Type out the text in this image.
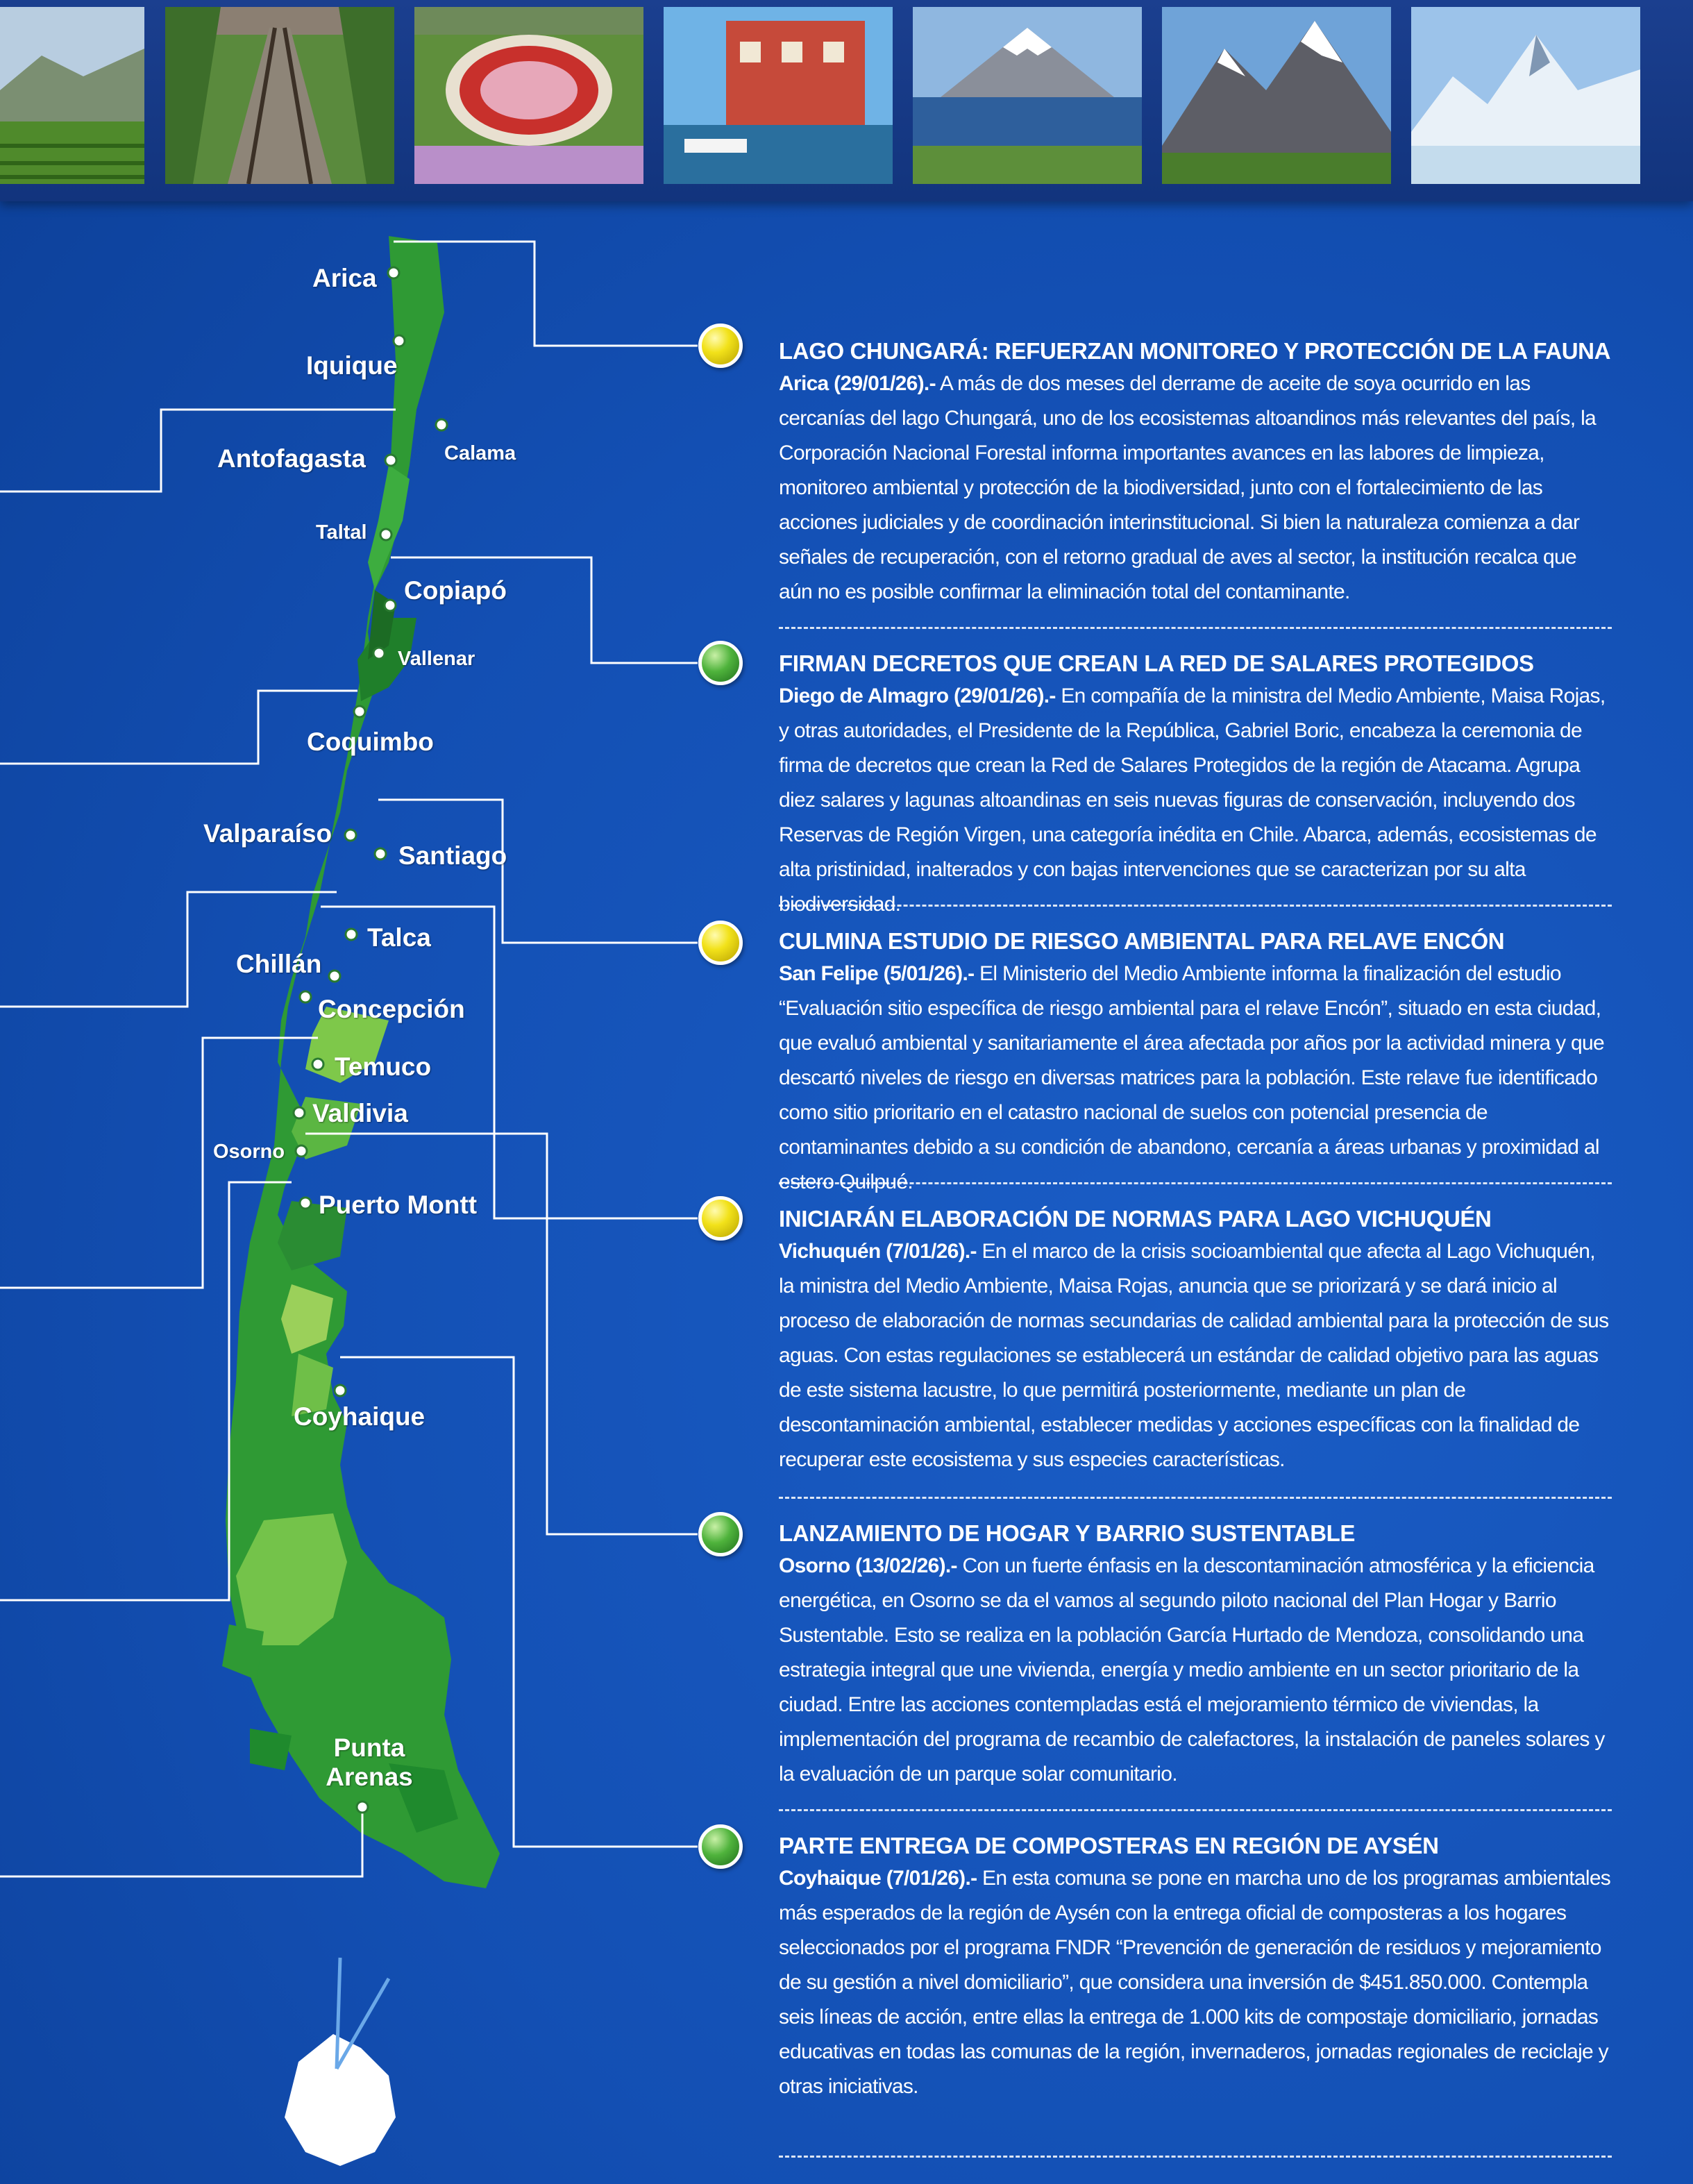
Arica
Iquique
Antofagasta	Calama
Taltal
Copiapó
Vallenar
Coquimbo
Valparaíso
Santiago
Talca
Chillán
Concepción
Temuco
Valdivia
Osorno
Puerto Montt
Coyhaique
Punta Arenas
LAGO CHUNGARÁ: REFUERZAN MONITOREO Y PROTECCIÓN DE LA FAUNA
Arica (29/01/26).- A más de dos meses del derrame de aceite de soya ocurrido en las cercanías del lago Chungará, uno de los ecosistemas altoandinos más relevantes del país, la Corporación Nacional Forestal informa importantes avances en las labores de limpieza, monitoreo ambiental y protección de la biodiversidad, junto con el fortalecimiento de las acciones judiciales y de coordinación interinstitucional. Si bien la naturaleza comienza a dar señales de recuperación, con el retorno gradual de aves al sector, la institución recalca que aún no es posible confirmar la eliminación total del contaminante.
FIRMAN DECRETOS QUE CREAN LA RED DE SALARES PROTEGIDOS
Diego de Almagro (29/01/26).- En compañía de la ministra del Medio Ambiente, Maisa Rojas, y otras autoridades, el Presidente de la República, Gabriel Boric, encabeza la ceremonia de firma de decretos que crean la Red de Salares Protegidos de la región de Atacama. Agrupa diez salares y lagunas altoandinas en seis nuevas figuras de conservación, incluyendo dos Reservas de Región Virgen, una categoría inédita en Chile. Abarca, además, ecosistemas de alta pristinidad, inalterados y con bajas intervenciones que se caracterizan por su alta biodiversidad.
CULMINA ESTUDIO DE RIESGO AMBIENTAL PARA RELAVE ENCÓN
San Felipe (5/01/26).- El Ministerio del Medio Ambiente informa la finalización del estudio “Evaluación sitio específica de riesgo ambiental para el relave Encón”, situado en esta ciudad, que evaluó ambiental y sanitariamente el área afectada por años por la actividad minera y que descartó niveles de riesgo en diversas matrices para la población. Este relave fue identificado como sitio prioritario en el catastro nacional de suelos con potencial presencia de contaminantes debido a su condición de abandono, cercanía a áreas urbanas y proximidad al estero Quilpué.
INICIARÁN ELABORACIÓN DE NORMAS PARA LAGO VICHUQUÉN
Vichuquén (7/01/26).- En el marco de la crisis socioambiental que afecta al Lago Vichuquén, la ministra del Medio Ambiente, Maisa Rojas, anuncia que se priorizará y se dará inicio al proceso de elaboración de normas secundarias de calidad ambiental para la protección de sus aguas. Con estas regulaciones se establecerá un estándar de calidad objetivo para las aguas de este sistema lacustre, lo que permitirá posteriormente, mediante un plan de descontaminación ambiental, establecer medidas y acciones específicas con la finalidad de recuperar este ecosistema y sus especies características.
LANZAMIENTO DE HOGAR Y BARRIO SUSTENTABLE
Osorno (13/02/26).- Con un fuerte énfasis en la descontaminación atmosférica y la eficiencia energética, en Osorno se da el vamos al segundo piloto nacional del Plan Hogar y Barrio Sustentable. Esto se realiza en la población García Hurtado de Mendoza, consolidando una estrategia integral que une vivienda, energía y medio ambiente en un sector prioritario de la ciudad. Entre las acciones contempladas está el mejoramiento térmico de viviendas, la implementación del programa de recambio de calefactores, la instalación de paneles solares y la evaluación de un parque solar comunitario.
PARTE ENTREGA DE COMPOSTERAS EN REGIÓN DE AYSÉN
Coyhaique (7/01/26).- En esta comuna se pone en marcha uno de los programas ambientales más esperados de la región de Aysén con la entrega oficial de composteras a los hogares seleccionados por el programa FNDR “Prevención de generación de residuos y mejoramiento de su gestión a nivel domiciliario”, que considera una inversión de $451.850.000. Contempla seis líneas de acción, entre ellas la entrega de 1.000 kits de compostaje domiciliario, jornadas educativas en todas las comunas de la región, invernaderos, jornadas regionales de reciclaje y otras iniciativas.
